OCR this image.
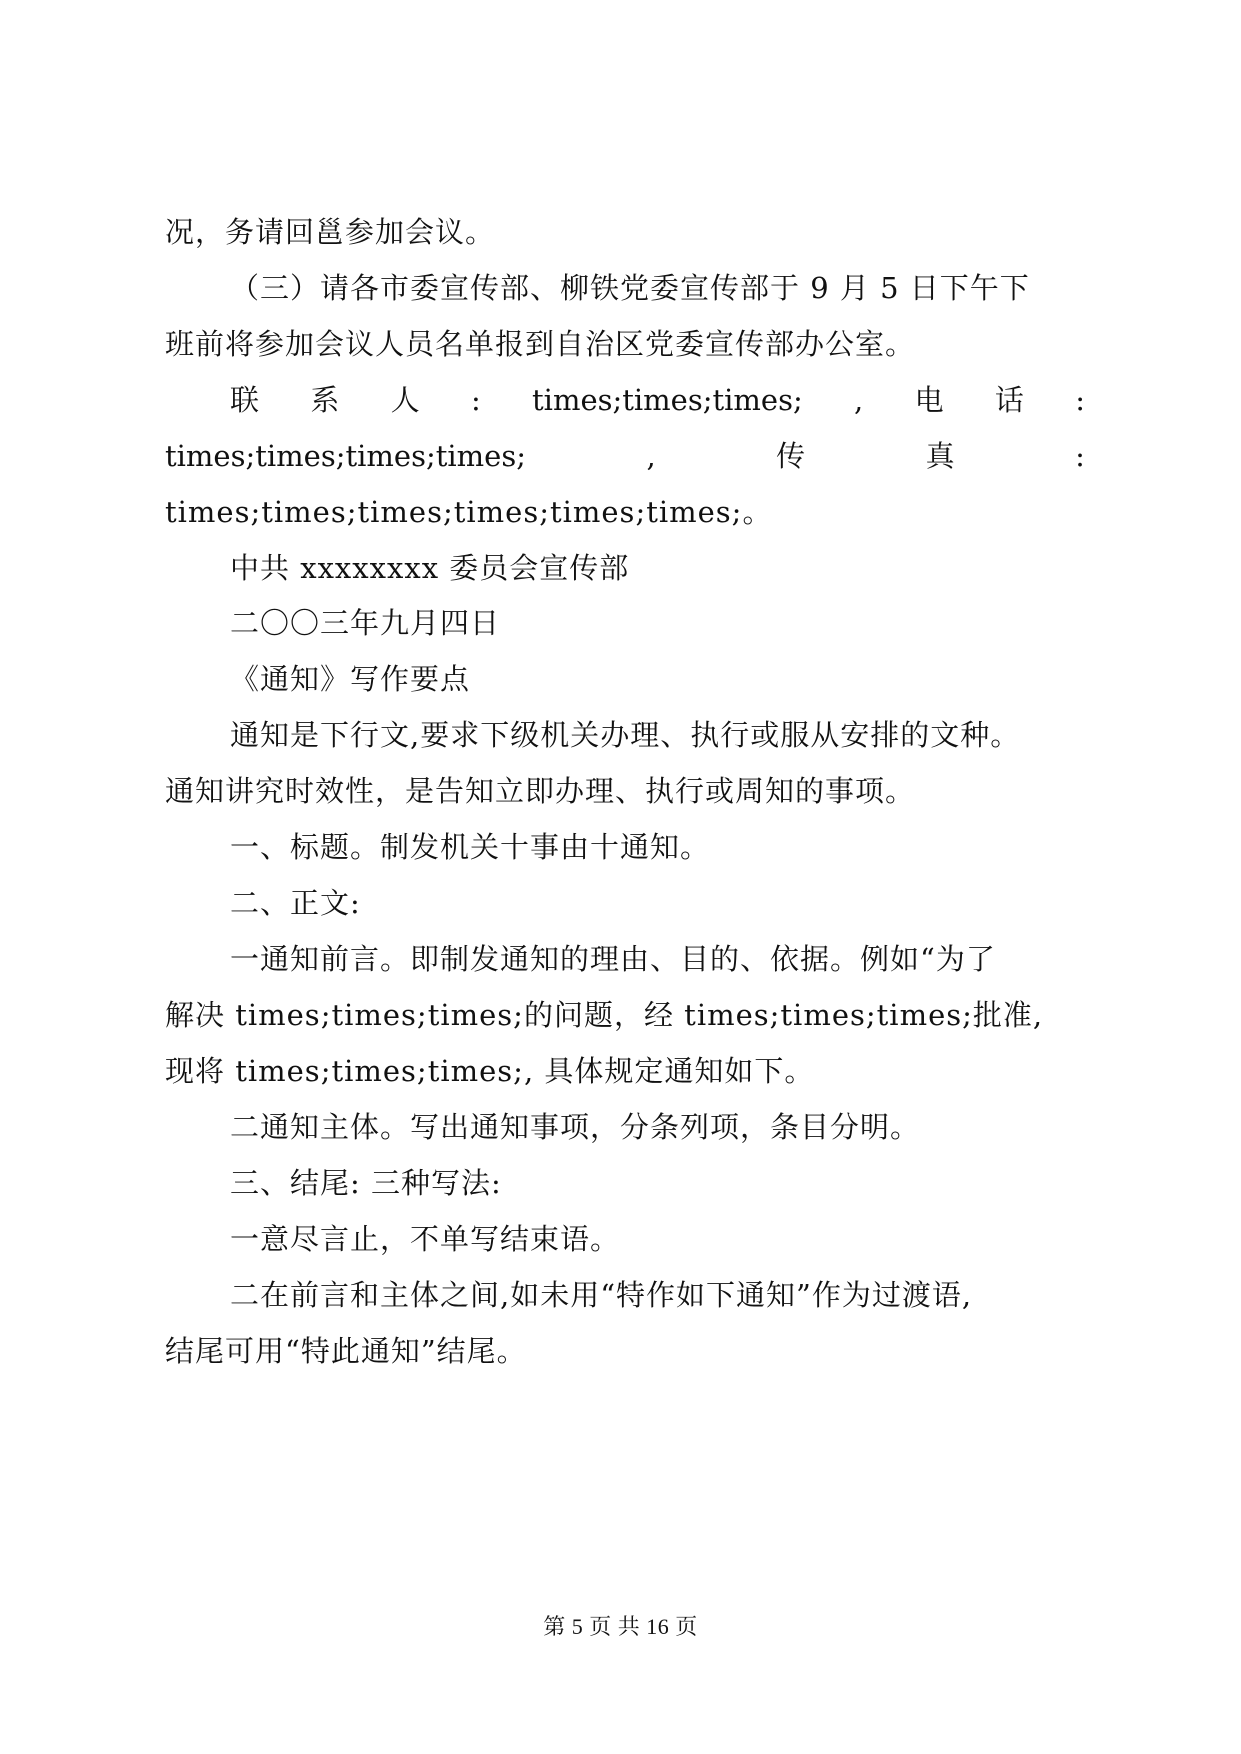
况，务请回邕参加会议。
（三）请各市委宣传部、柳铁党委宣传部于 9 月 5 日下午下
班前将参加会议人员名单报到自治区党委宣传部办公室。
联 系 人 : times;times;times; , 电 话 :
times;times;times;times;	,	传	真	:
times;times;times;times;times;times;。
中共 xxxxxxxx 委员会宣传部
二〇〇三年九月四日
《通知》写作要点
通知是下行文,要求下级机关办理、执行或服从安排的文种。
通知讲究时效性，是告知立即办理、执行或周知的事项。
一、标题。制发机关十事由十通知。
二、正文:
一通知前言。即制发通知的理由、目的、依据。例如“为了
解决 times;times;times;的问题，经 times;times;times;批准,
现将 times;times;times;, 具体规定通知如下。
二通知主体。写出通知事项，分条列项，条目分明。
三、结尾: 三种写法:
一意尽言止，不单写结束语。
二在前言和主体之间,如未用“特作如下通知”作为过渡语,
结尾可用“特此通知”结尾。
第 5 页 共 16 页
